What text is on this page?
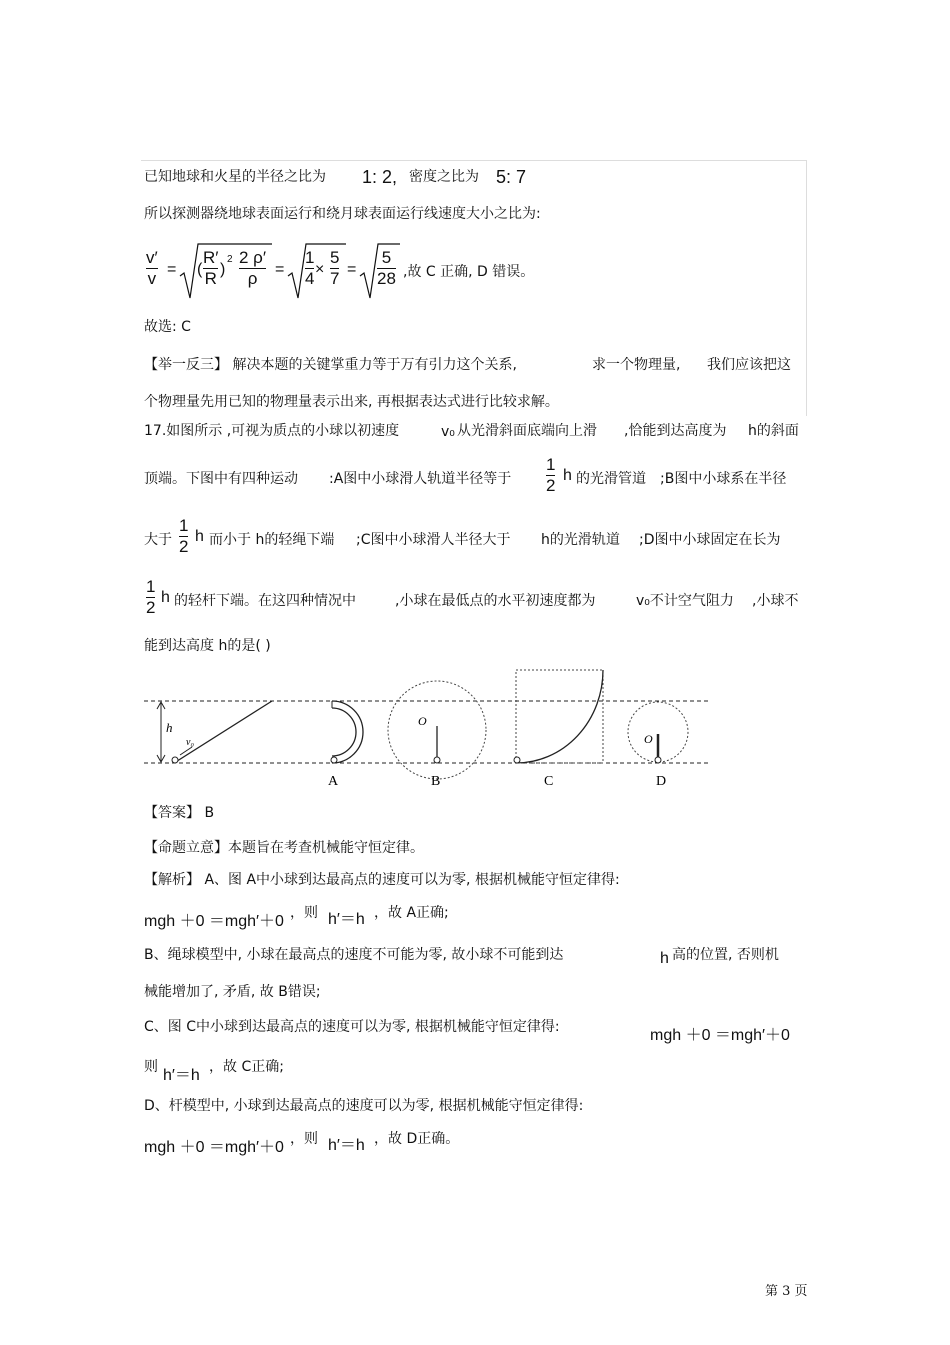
已知地球和火星的半径之比为 1: 2, 密度之比为 5: 7
所以探测器绕地球表面运行和绕月球表面运行线速度大小之比为:
v′
v = (
R′
R )
2 2 ρ′
ρ =
1
4 ×
5
7 =
5
28 ,故 C 正确, D 错误。
故选: C
【举一反三】 解决本题的关键掌重力等于万有引力这个关系,	求一个物理量, 我们应该把这
个物理量先用已知的物理量表示出来, 再根据表达式进行比较求解。
17.如图所示 ,可视为质点的小球以初速度	v₀ 从光滑斜面底端向上滑 ,恰能到达高度为 h的斜面
顶端。下图中有四种运动 :A图中小球滑人轨道半径等于
1
2
h 的光滑管道 ;B图中小球系在半径
大于
1
2
h 而小于 h的轻绳下端 ;C图中小球滑人半径大于 h的光滑轨道 ;D图中小球固定在长为
1
2
h 的轻杆下端。在这四种情况中	,小球在最低点的水平初速度都为	v₀不计空气阻力 ,小球不
能到达高度 h的是( )
h
v₀
A
O
B	C
O
D
【答案】 B
【命题立意】本题旨在考查机械能守恒定律。
【解析】 A、图 A中小球到达最高点的速度可以为零, 根据机械能守恒定律得:
mgh ＋0 ＝mgh′＋0 ，则 h′＝h ，故 A正确;
B、绳球模型中, 小球在最高点的速度不可能为零, 故小球不可能到达	h 高的位置, 否则机
械能增加了, 矛盾, 故 B错误;
C、图 C中小球到达最高点的速度可以为零, 根据机械能守恒定律得:	mgh ＋0 ＝mgh′＋0
则 h′＝h ，故 C正确;
D、杆模型中, 小球到达最高点的速度可以为零, 根据机械能守恒定律得:
mgh ＋0 ＝mgh′＋0 ，则 h′＝h ，故 D正确。
第 3 页
